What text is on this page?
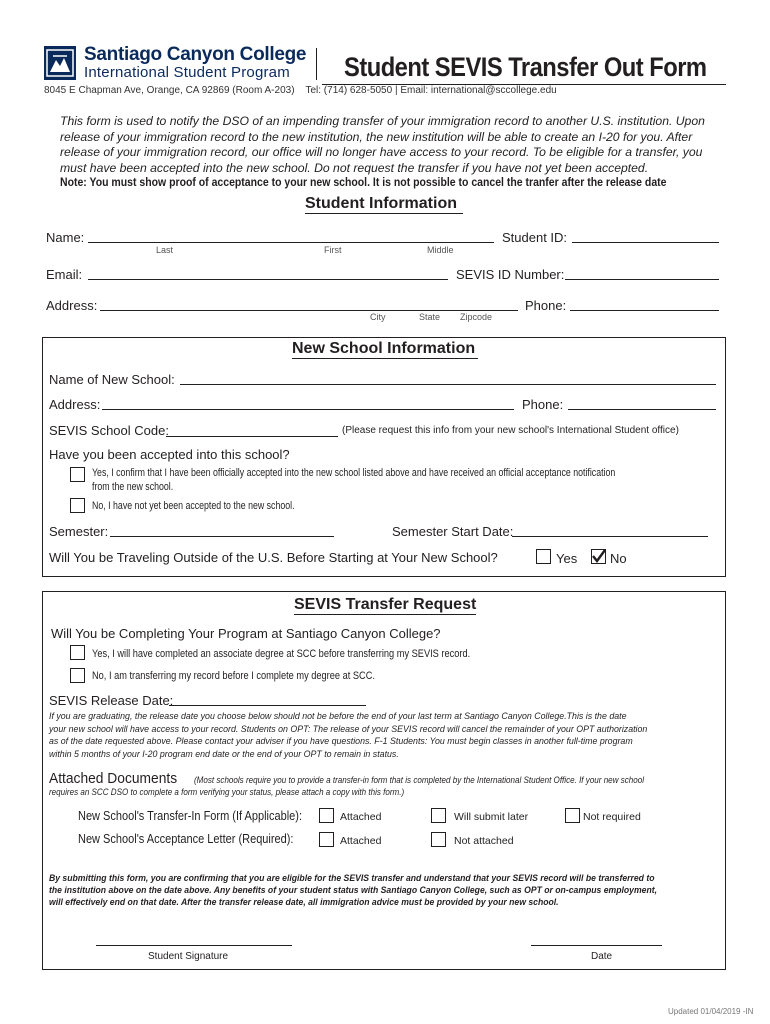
Santiago Canyon College
International Student Program Student SEVIS Transfer Out Form
8045 E Chapman Ave, Orange, CA 92869 (Room A-203)    Tel: (714) 628-5050 | Email: international@sccollege.edu
This form is used to notify the DSO of an impending transfer of your immigration record to another U.S. institution. Upon
release of your immigration record to the new institution, the new institution will be able to create an I-20 for you. After
release of your immigration record, our office will no longer have access to your record. To be eligible for a transfer, you
must have been accepted into the new school. Do not request the transfer if you have not yet been accepted.
Note: You must show proof of acceptance to your new school. It is not possible to cancel the tranfer after the release date
Student Information
Name:
Last	First	Middle
Student ID:
Email:	SEVIS ID Number:
Address:
City	State Zipcode
Phone:
New School Information
Name of New School:
Address:	Phone:
SEVIS School Code:	(Please request this info from your new school's International Student office)
Have you been accepted into this school?
Yes, I confirm that I have been officially accepted into the new school listed above and have received an official acceptance notification
from the new school.
No, I have not yet been accepted to the new school.
Semester:	Semester Start Date:
Will You be Traveling Outside of the U.S. Before Starting at Your New School?	Yes	No
SEVIS Transfer Request
Will You be Completing Your Program at Santiago Canyon College?
Yes, I will have completed an associate degree at SCC before transferring my SEVIS record.
No, I am transferring my record before I complete my degree at SCC.
SEVIS Release Date:
If you are graduating, the release date you choose below should not be before the end of your last term at Santiago Canyon College.This is the date
your new school will have access to your record. Students on OPT: The release of your SEVIS record will cancel the remainder of your OPT authorization
as of the date requested above. Please contact your adviser if you have questions. F-1 Students: You must begin classes in another full-time program
within 5 months of your I-20 program end date or the end of your OPT to remain in status.
Attached Documents (Most schools require you to provide a transfer-in form that is completed by the International Student Office. If your new school
requires an SCC DSO to complete a form verifying your status, please attach a copy with this form.)
New School's Transfer-In Form (If Applicable):	Attached	Will submit later	Not required
New School's Acceptance Letter (Required):	Attached	Not attached
By submitting this form, you are confirming that you are eligible for the SEVIS transfer and understand that your SEVIS record will be transferred to
the institution above on the date above. Any benefits of your student status with Santiago Canyon College, such as OPT or on-campus employment,
will effectively end on that date. After the transfer release date, all immigration advice must be provided by your new school.
Student Signature	Date
Updated 01/04/2019 -IN
